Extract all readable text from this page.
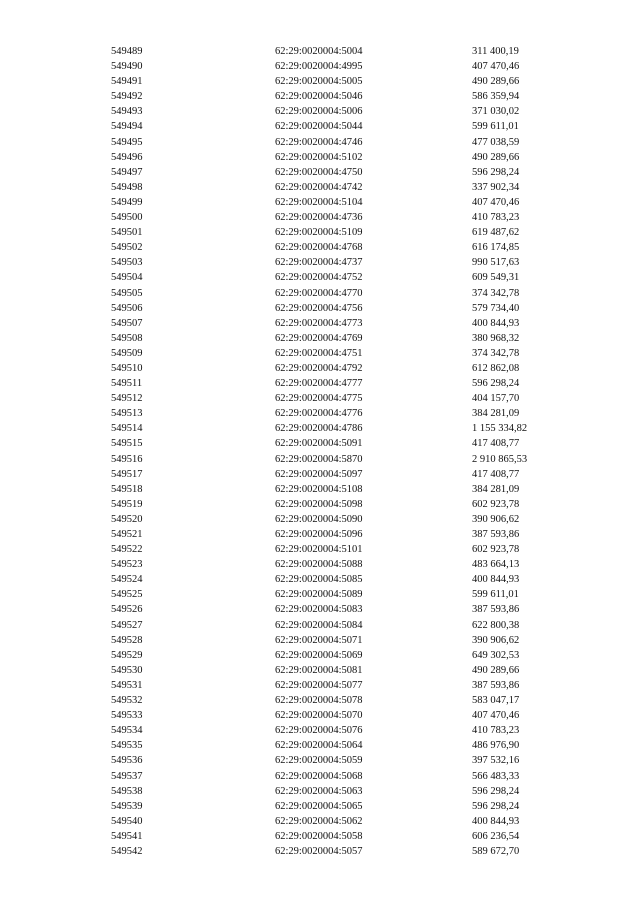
549489	62:29:0020004:5004	311 400,19
549490	62:29:0020004:4995	407 470,46
549491	62:29:0020004:5005	490 289,66
549492	62:29:0020004:5046	586 359,94
549493	62:29:0020004:5006	371 030,02
549494	62:29:0020004:5044	599 611,01
549495	62:29:0020004:4746	477 038,59
549496	62:29:0020004:5102	490 289,66
549497	62:29:0020004:4750	596 298,24
549498	62:29:0020004:4742	337 902,34
549499	62:29:0020004:5104	407 470,46
549500	62:29:0020004:4736	410 783,23
549501	62:29:0020004:5109	619 487,62
549502	62:29:0020004:4768	616 174,85
549503	62:29:0020004:4737	990 517,63
549504	62:29:0020004:4752	609 549,31
549505	62:29:0020004:4770	374 342,78
549506	62:29:0020004:4756	579 734,40
549507	62:29:0020004:4773	400 844,93
549508	62:29:0020004:4769	380 968,32
549509	62:29:0020004:4751	374 342,78
549510	62:29:0020004:4792	612 862,08
549511	62:29:0020004:4777	596 298,24
549512	62:29:0020004:4775	404 157,70
549513	62:29:0020004:4776	384 281,09
549514	62:29:0020004:4786	1 155 334,82
549515	62:29:0020004:5091	417 408,77
549516	62:29:0020004:5870	2 910 865,53
549517	62:29:0020004:5097	417 408,77
549518	62:29:0020004:5108	384 281,09
549519	62:29:0020004:5098	602 923,78
549520	62:29:0020004:5090	390 906,62
549521	62:29:0020004:5096	387 593,86
549522	62:29:0020004:5101	602 923,78
549523	62:29:0020004:5088	483 664,13
549524	62:29:0020004:5085	400 844,93
549525	62:29:0020004:5089	599 611,01
549526	62:29:0020004:5083	387 593,86
549527	62:29:0020004:5084	622 800,38
549528	62:29:0020004:5071	390 906,62
549529	62:29:0020004:5069	649 302,53
549530	62:29:0020004:5081	490 289,66
549531	62:29:0020004:5077	387 593,86
549532	62:29:0020004:5078	583 047,17
549533	62:29:0020004:5070	407 470,46
549534	62:29:0020004:5076	410 783,23
549535	62:29:0020004:5064	486 976,90
549536	62:29:0020004:5059	397 532,16
549537	62:29:0020004:5068	566 483,33
549538	62:29:0020004:5063	596 298,24
549539	62:29:0020004:5065	596 298,24
549540	62:29:0020004:5062	400 844,93
549541	62:29:0020004:5058	606 236,54
549542	62:29:0020004:5057	589 672,70
